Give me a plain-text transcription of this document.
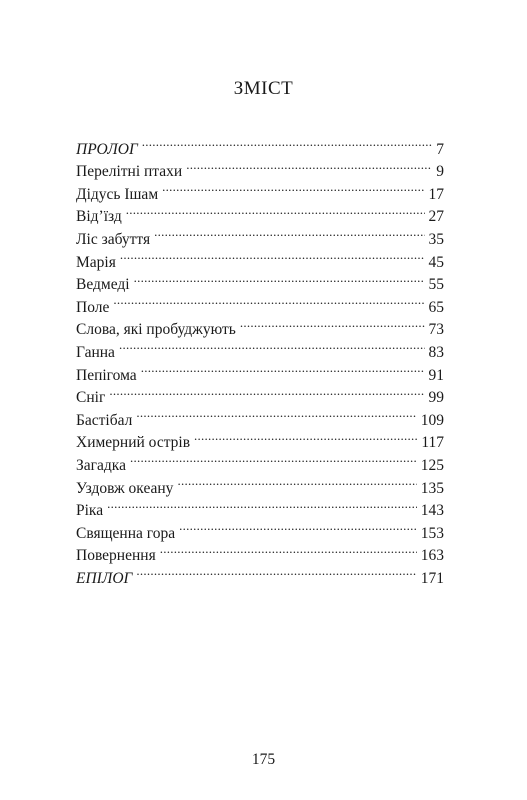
ЗМІСТ
ПРОЛОГ . . .	7
Перелітні птахи . . .	9
Дідусь Ішам . . .	17
Від’їзд . . .	27
Ліс забуття . . .	35
Марія . . .	45
Ведмеді . . .	55
Поле . . .	65
Слова, які пробуджують . . .	73
Ганна . . .	83
Пепігома . . .	91
Сніг . . .	99
Бастібал . . .	109
Химерний острів . . .	117
Загадка . . .	125
Уздовж океану . . .	135
Ріка . . .	143
Священна гора . . .	153
Повернення . . .	163
ЕПІЛОГ . . .	171
175
